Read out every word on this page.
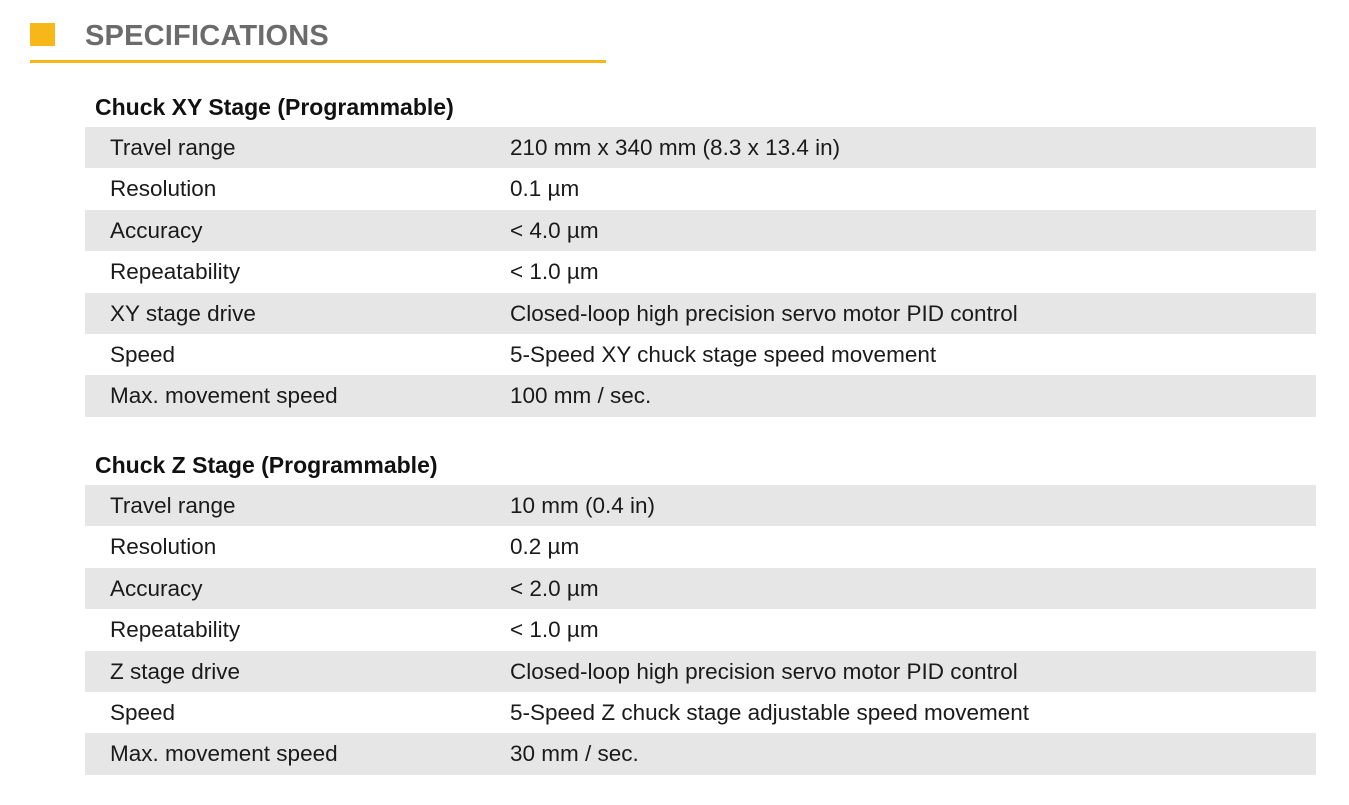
SPECIFICATIONS
Chuck XY Stage (Programmable)
Travel range	210 mm x 340 mm (8.3 x 13.4 in)
Resolution	0.1 µm
Accuracy	< 4.0 µm
Repeatability	< 1.0 µm
XY stage drive	Closed-loop high precision servo motor PID control
Speed	5-Speed XY chuck stage speed movement
Max. movement speed	100 mm / sec.
Chuck Z Stage (Programmable)
Travel range	10 mm (0.4 in)
Resolution	0.2 µm
Accuracy	< 2.0 µm
Repeatability	< 1.0 µm
Z stage drive	Closed-loop high precision servo motor PID control
Speed	5-Speed Z chuck stage adjustable speed movement
Max. movement speed	30 mm / sec.
